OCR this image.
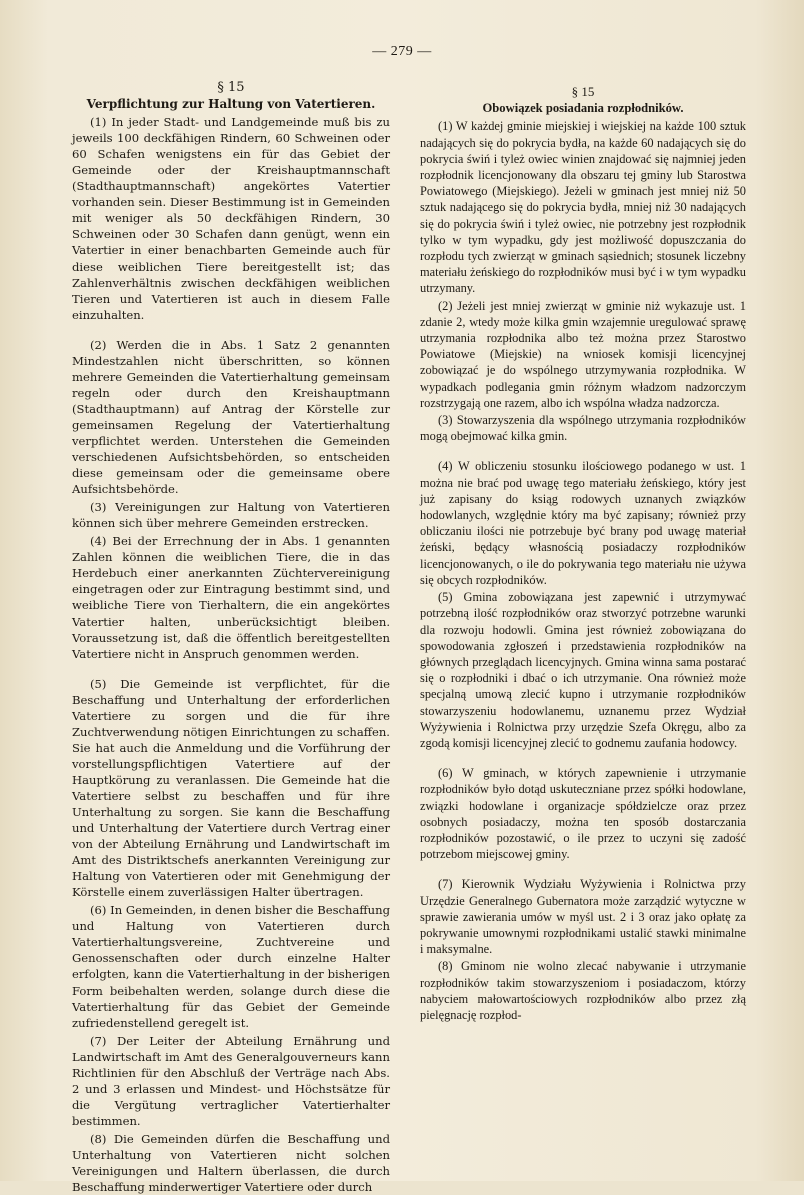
— 279 —
§ 15
Verpflichtung zur Haltung von Vatertieren.

(1) In jeder Stadt- und Landgemeinde muß bis zu jeweils 100 deckfähigen Rindern, 60 Schweinen oder 60 Schafen wenigstens ein für das Gebiet der Gemeinde oder der Kreishauptmannschaft (Stadthauptmannschaft) angekörtes Vatertier vorhanden sein. Dieser Bestimmung ist in Gemeinden mit weniger als 50 deckfähigen Rindern, 30 Schweinen oder 30 Schafen dann genügt, wenn ein Vatertier in einer benachbarten Gemeinde auch für diese weiblichen Tiere bereitgestellt ist; das Zahlenverhältnis zwischen deckfähigen weiblichen Tieren und Vatertieren ist auch in diesem Falle einzuhalten.

(2) Werden die in Abs. 1 Satz 2 genannten Mindestzahlen nicht überschritten, so können mehrere Gemeinden die Vatertierhaltung gemeinsam regeln oder durch den Kreishauptmann (Stadthauptmann) auf Antrag der Körstelle zur gemeinsamen Regelung der Vatertierhaltung verpflichtet werden. Unterstehen die Gemeinden verschiedenen Aufsichtsbehörden, so entscheiden diese gemeinsam oder die gemeinsame obere Aufsichtsbehörde.

(3) Vereinigungen zur Haltung von Vatertieren können sich über mehrere Gemeinden erstrecken.

(4) Bei der Errechnung der in Abs. 1 genannten Zahlen können die weiblichen Tiere, die in das Herdebuch einer anerkannten Züchtervereinigung eingetragen oder zur Eintragung bestimmt sind, und weibliche Tiere von Tierhaltern, die ein angekörtes Vatertier halten, unberücksichtigt bleiben. Voraussetzung ist, daß die öffentlich bereitgestellten Vatertiere nicht in Anspruch genommen werden.

(5) Die Gemeinde ist verpflichtet, für die Beschaffung und Unterhaltung der erforderlichen Vatertiere zu sorgen und die für ihre Zuchtverwendung nötigen Einrichtungen zu schaffen. Sie hat auch die Anmeldung und die Vorführung der vorstellungspflichtigen Vatertiere auf der Hauptkörung zu veranlassen. Die Gemeinde hat die Vatertiere selbst zu beschaffen und für ihre Unterhaltung zu sorgen. Sie kann die Beschaffung und Unterhaltung der Vatertiere durch Vertrag einer von der Abteilung Ernährung und Landwirtschaft im Amt des Distriktschefs anerkannten Vereinigung zur Haltung von Vatertieren oder mit Genehmigung der Körstelle einem zuverlässigen Halter übertragen.

(6) In Gemeinden, in denen bisher die Beschaffung und Haltung von Vatertieren durch Vatertierhaltungsvereine, Zuchtvereine und Genossenschaften oder durch einzelne Halter erfolgten, kann die Vatertierhaltung in der bisherigen Form beibehalten werden, solange durch diese die Vatertierhaltung für das Gebiet der Gemeinde zufriedenstellend geregelt ist.

(7) Der Leiter der Abteilung Ernährung und Landwirtschaft im Amt des Generalgouverneurs kann Richtlinien für den Abschluß der Verträge nach Abs. 2 und 3 erlassen und Mindest- und Höchstsätze für die Vergütung vertraglicher Vatertierhalter bestimmen.

(8) Die Gemeinden dürfen die Beschaffung und Unterhaltung von Vatertieren nicht solchen Vereinigungen und Haltern überlassen, die durch Beschaffung minderwertiger Vatertiere oder durch

§ 15
Obowiązek posiadania rozpłodników.

(1) W każdej gminie miejskiej i wiejskiej na każde 100 sztuk nadających się do pokrycia bydła, na każde 60 nadających się do pokrycia świń i tyleż owiec winien znajdować się najmniej jeden rozpłodnik licencjonowany dla obszaru tej gminy lub Starostwa Powiatowego (Miejskiego). Jeżeli w gminach jest mniej niż 50 sztuk nadającego się do pokrycia bydła, mniej niż 30 nadających się do pokrycia świń i tyleż owiec, nie potrzebny jest rozpłodnik tylko w tym wypadku, gdy jest możliwość dopuszczania do rozpłodu tych zwierząt w gminach sąsiednich; stosunek liczebny materiału żeńskiego do rozpłodników musi być i w tym wypadku utrzymany.

(2) Jeżeli jest mniej zwierząt w gminie niż wykazuje ust. 1 zdanie 2, wtedy może kilka gmin wzajemnie uregulować sprawę utrzymania rozpłodnika albo też można przez Starostwo Powiatowe (Miejskie) na wniosek komisji licencyjnej zobowiązać je do wspólnego utrzymywania rozpłodnika. W wypadkach podlegania gmin różnym władzom nadzorczym rozstrzygają one razem, albo ich wspólna władza nadzorcza.

(3) Stowarzyszenia dla wspólnego utrzymania rozpłodników mogą obejmować kilka gmin.

(4) W obliczeniu stosunku ilościowego podanego w ust. 1 można nie brać pod uwagę tego materiału żeńskiego, który jest już zapisany do ksiąg rodowych uznanych związków hodowlanych, względnie który ma być zapisany; również przy obliczaniu ilości nie potrzebuje być brany pod uwagę materiał żeński, będący własnością posiadaczy rozpłodników licencjonowanych, o ile do pokrywania tego materiału nie używa się obcych rozpłodników.

(5) Gmina zobowiązana jest zapewnić i utrzymywać potrzebną ilość rozpłodników oraz stworzyć potrzebne warunki dla rozwoju hodowli. Gmina jest również zobowiązana do spowodowania zgłoszeń i przedstawienia rozpłodników na głównych przeglądach licencyjnych. Gmina winna sama postarać się o rozpłodniki i dbać o ich utrzymanie. Ona również może specjalną umową zlecić kupno i utrzymanie rozpłodników stowarzyszeniu hodowlanemu, uznanemu przez Wydział Wyżywienia i Rolnictwa przy urzędzie Szefa Okręgu, albo za zgodą komisji licencyjnej zlecić to godnemu zaufania hodowcy.

(6) W gminach, w których zapewnienie i utrzymanie rozpłodników było dotąd uskuteczniane przez spółki hodowlane, związki hodowlane i organizacje spółdzielcze oraz przez osobnych posiadaczy, można ten sposób dostarczania rozpłodników pozostawić, o ile przez to uczyni się zadość potrzebom miejscowej gminy.

(7) Kierownik Wydziału Wyżywienia i Rolnictwa przy Urzędzie Generalnego Gubernatora może zarządzić wytyczne w sprawie zawierania umów w myśl ust. 2 i 3 oraz jako opłatę za pokrywanie umownymi rozpłodnikami ustalić stawki minimalne i maksymalne.

(8) Gminom nie wolno zlecać nabywanie i utrzymanie rozpłodników takim stowarzyszeniom i posiadaczom, którzy nabyciem małowartościowych rozpłodników albo przez złą pielęgnację rozpłod-
